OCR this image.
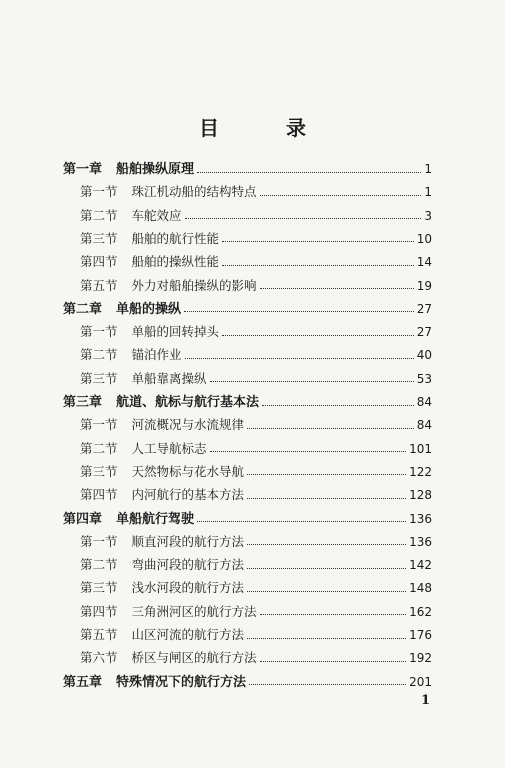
目 录
第一章 船舶操纵原理	1
第一节 珠江机动船的结构特点	1
第二节 车舵效应	3
第三节 船舶的航行性能	10
第四节 船舶的操纵性能	14
第五节 外力对船舶操纵的影响	19
第二章 单船的操纵	27
第一节 单船的回转掉头	27
第二节 锚泊作业	40
第三节 单船靠离操纵	53
第三章 航道、航标与航行基本法	84
第一节 河流概况与水流规律	84
第二节 人工导航标志	101
第三节 天然物标与花水导航	122
第四节 内河航行的基本方法	128
第四章 单船航行驾驶	136
第一节 顺直河段的航行方法	136
第二节 弯曲河段的航行方法	142
第三节 浅水河段的航行方法	148
第四节 三角洲河区的航行方法	162
第五节 山区河流的航行方法	176
第六节 桥区与闸区的航行方法	192
第五章 特殊情况下的航行方法	201
1
